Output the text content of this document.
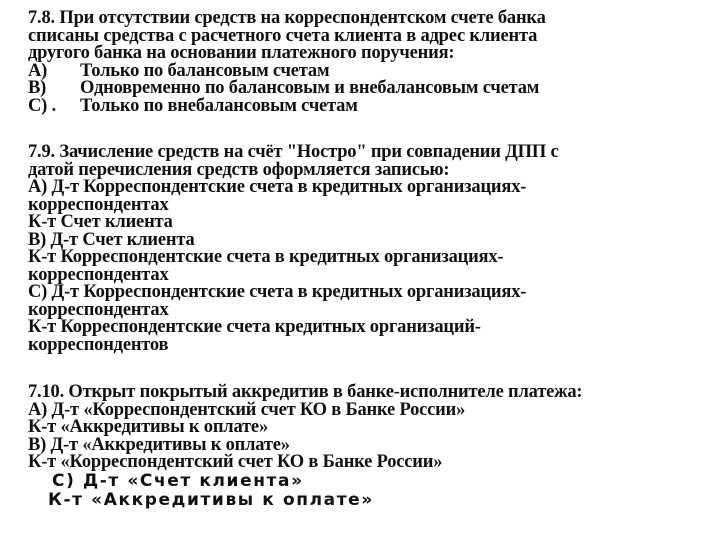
7.8. При отсутствии средств на корреспондентском счете банка
списаны средства с расчетного счета клиента в адрес клиента
другого банка на основании платежного поручения:
A) Только по балансовым счетам
B) Одновременно по балансовым и внебалансовым счетам
C) . Только по внебалансовым счетам
7.9. Зачисление средств на счёт "Ностро" при совпадении ДПП с
датой перечисления средств оформляется записью:
A) Д-т Корреспондентские счета в кредитных организациях-
корреспондентах
К-т Счет клиента
B) Д-т Счет клиента
К-т Корреспондентские счета в кредитных организациях-
корреспондентах
C) Д-т Корреспондентские счета в кредитных организациях-
корреспондентах
К-т Корреспондентские счета кредитных организаций-
корреспондентов
7.10. Открыт покрытый аккредитив в банке-исполнителе платежа:
A) Д-т «Корреспондентский счет КО в Банке России»
К-т «Аккредитивы к оплате»
B) Д-т «Аккредитивы к оплате»
К-т «Корреспондентский счет КО в Банке России»
C) Д-т «Счет клиента»
К-т «Аккредитивы к оплате»
